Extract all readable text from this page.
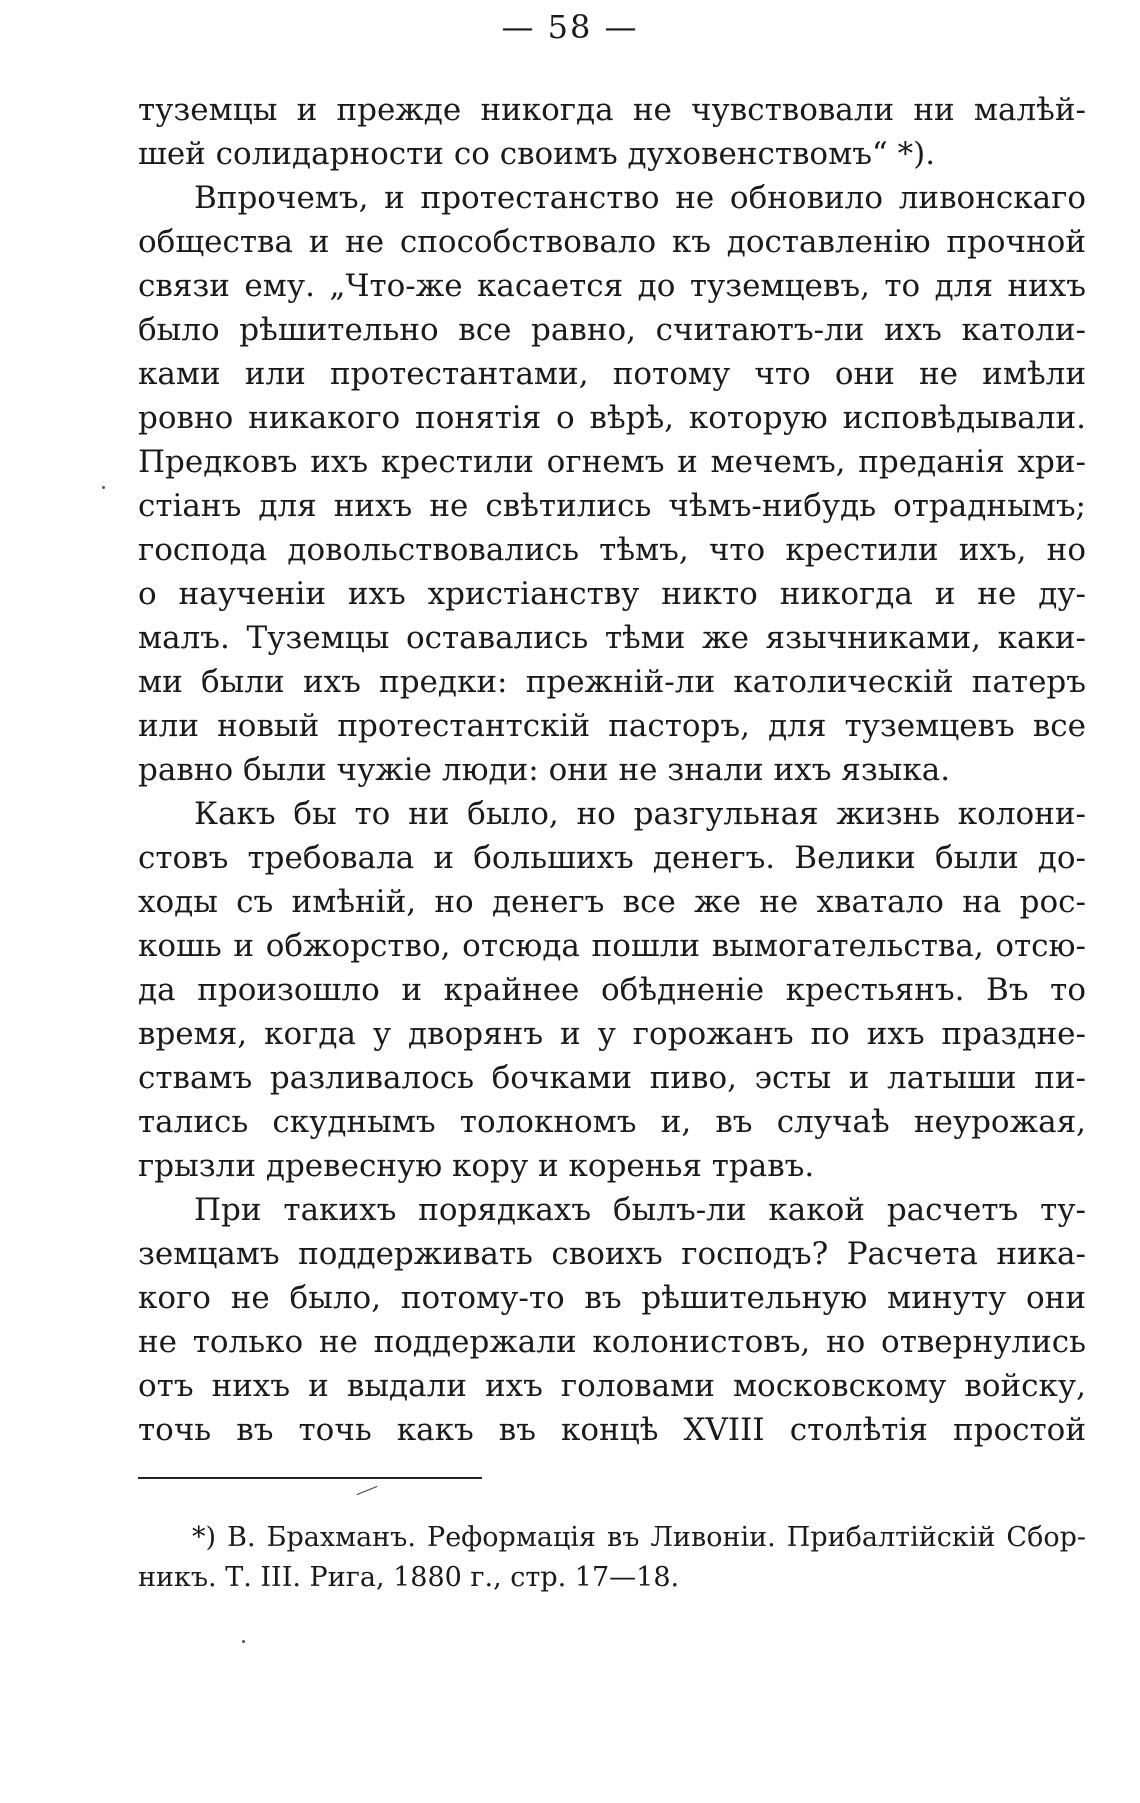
— 58 —
туземцы и прежде никогда не чувствовали ни малѣй-
шей солидарности со своимъ духовенствомъ“ *).
Впрочемъ, и протестанство не обновило ливонскаго
общества и не способствовало къ доставленію прочной
связи ему. „Что-же касается до туземцевъ, то для нихъ
было рѣшительно все равно, считаютъ-ли ихъ католи-
ками или протестантами, потому что они не имѣли
ровно никакого понятія о вѣрѣ, которую исповѣдывали.
Предковъ ихъ крестили огнемъ и мечемъ, преданія хри-
стіанъ для нихъ не свѣтились чѣмъ-нибудь отраднымъ;
господа довольствовались тѣмъ, что крестили ихъ, но
о наученіи ихъ христіанству никто никогда и не ду-
малъ. Туземцы оставались тѣми же язычниками, каки-
ми были ихъ предки: прежній-ли католическій патеръ
или новый протестантскій пасторъ, для туземцевъ все
равно были чужіе люди: они не знали ихъ языка.
Какъ бы то ни было, но разгульная жизнь колони-
стовъ требовала и большихъ денегъ. Велики были до-
ходы съ имѣній, но денегъ все же не хватало на рос-
кошь и обжорство, отсюда пошли вымогательства, отсю-
да произошло и крайнее обѣдненіе крестьянъ. Въ то
время, когда у дворянъ и у горожанъ по ихъ праздне-
ствамъ разливалось бочками пиво, эсты и латыши пи-
тались скуднымъ толокномъ и, въ случаѣ неурожая,
грызли древесную кору и коренья травъ.
При такихъ порядкахъ былъ-ли какой расчетъ ту-
земцамъ поддерживать своихъ господъ? Расчета никa-
кого не было, потому-то въ рѣшительную минуту они
не только не поддержали колонистовъ, но отвернулись
отъ нихъ и выдали ихъ головами московскому войску,
точь въ точь какъ въ концѣ XVIII столѣтія простой
*) В. Брахманъ. Реформація въ Ливоніи. Прибалтійскій Сбор-
никъ. Т. III. Рига, 1880 г., стр. 17—18.
